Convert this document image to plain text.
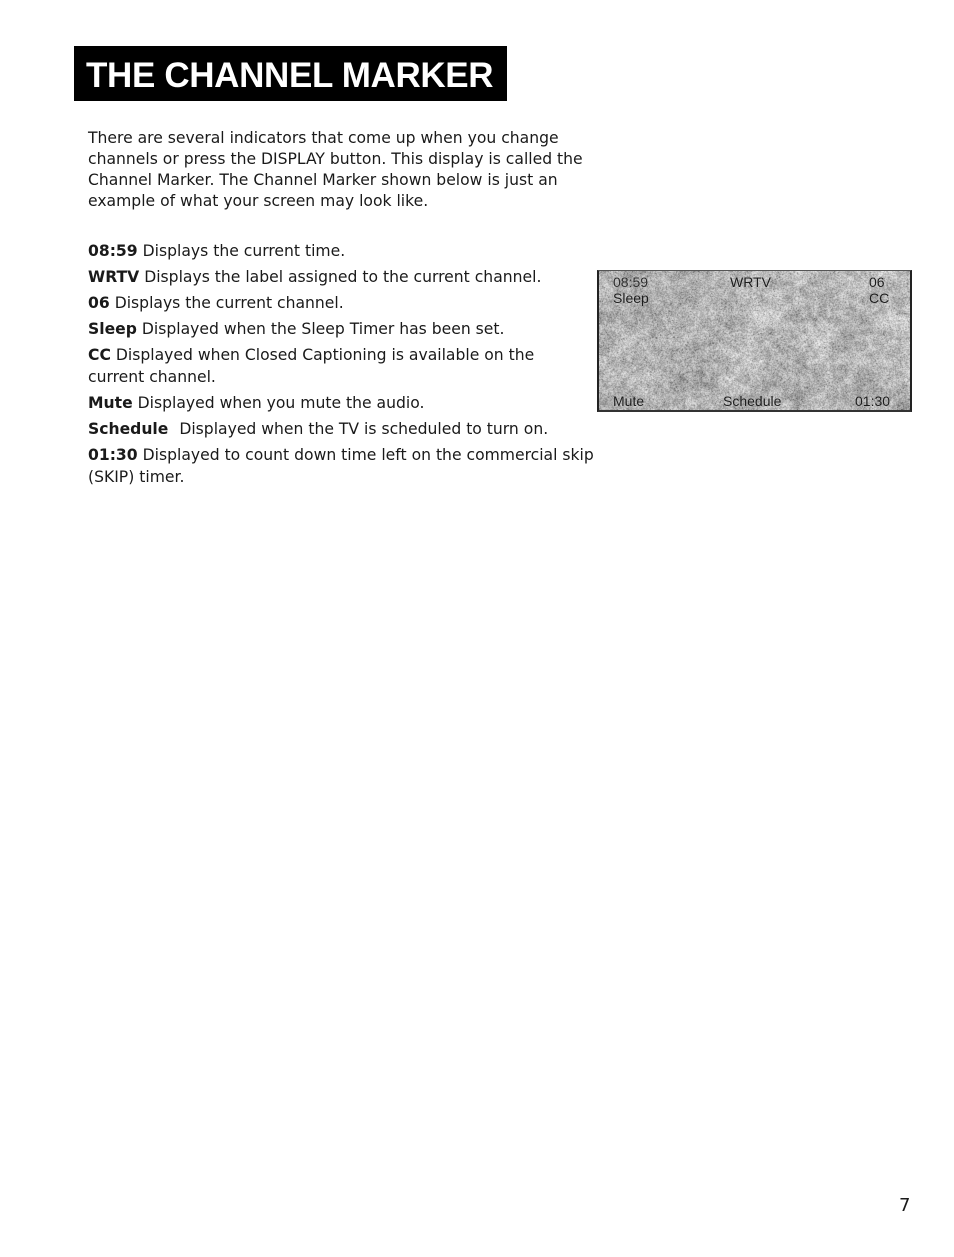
THE CHANNEL MARKER
There are several indicators that come up when you change
channels or press the DISPLAY button. This display is called the
Channel Marker. The Channel Marker shown below is just an
example of what your screen may look like.
08:59 Displays the current time.
WRTV Displays the label assigned to the current channel.
06 Displays the current channel.
Sleep Displayed when the Sleep Timer has been set.
CC Displayed when Closed Captioning is available on the
current channel.
Mute Displayed when you mute the audio.
Schedule Displayed when the TV is scheduled to turn on.
01:30 Displayed to count down time left on the commercial skip
(SKIP) timer.
08:59	WRTV	06
Sleep	CC
Mute	Schedule	01:30
7
